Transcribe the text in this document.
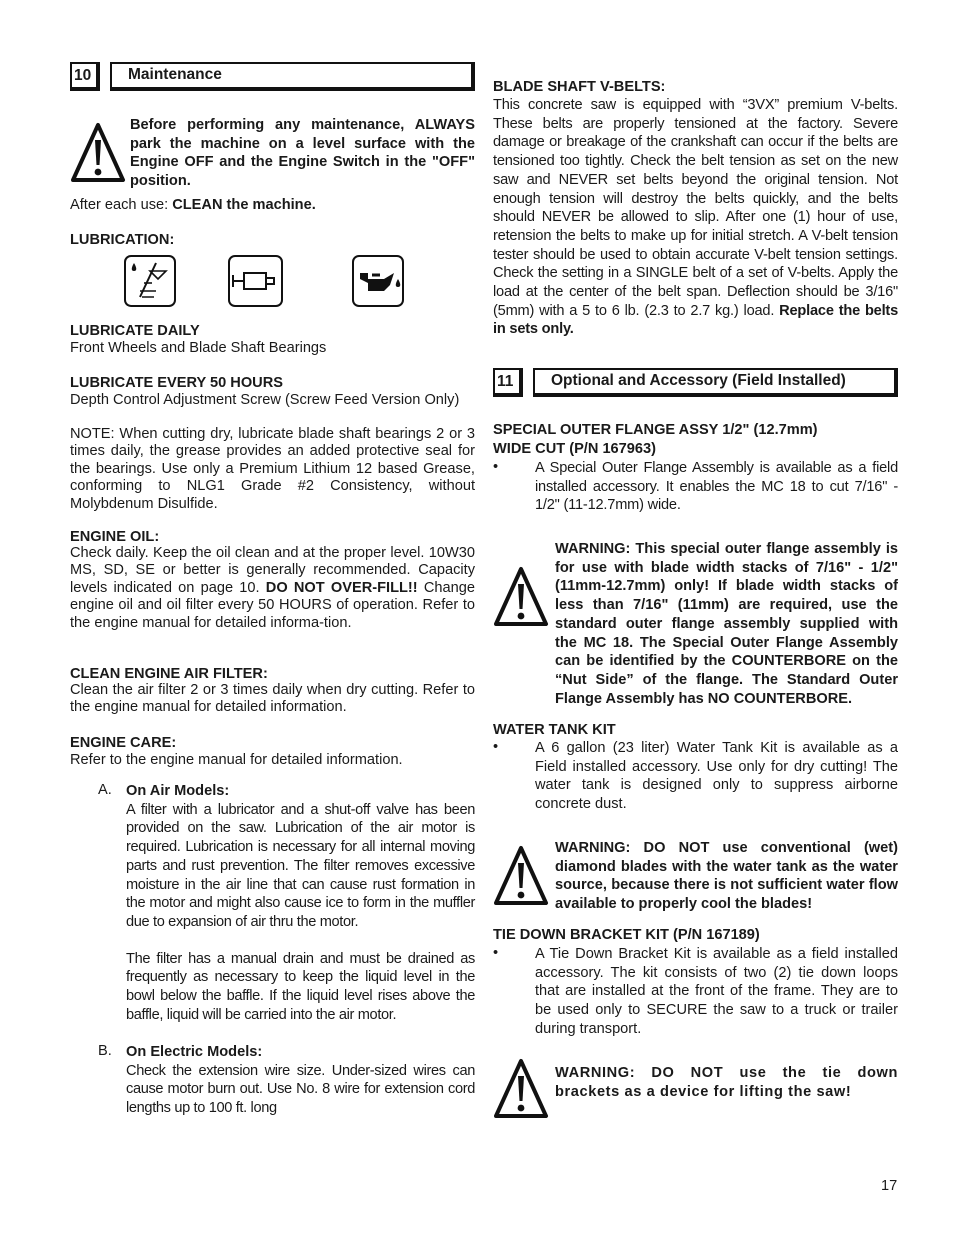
10	Maintenance
Before performing any maintenance, ALWAYS park the machine on a level surface with the Engine OFF and the Engine Switch in the "OFF" position.

After each use: CLEAN the machine.

LUBRICATION:

LUBRICATE DAILY

Front Wheels and Blade Shaft Bearings

LUBRICATE EVERY 50 HOURS

Depth Control Adjustment Screw (Screw Feed Version Only)

NOTE: When cutting dry, lubricate blade shaft bearings 2 or 3 times daily, the grease provides an added protective seal for the bearings. Use only a Premium Lithium 12 based Grease, conforming to NLG1 Grade #2 Consistency, without Molybdenum Disulfide.

ENGINE OIL:

Check daily. Keep the oil clean and at the proper level. 10W30 MS, SD, SE or better is generally recommended. Capacity levels indicated on page 10. DO NOT OVER-FILL!! Change engine oil and oil filter every 50 HOURS of operation. Refer to the engine manual for detailed informa-tion.

CLEAN ENGINE AIR FILTER:

Clean the air filter 2 or 3 times daily when dry cutting. Refer to the engine manual for detailed information.

ENGINE CARE:

Refer to the engine manual for detailed information.

A. On Air Models:

A filter with a lubricator and a shut-off valve has been provided on the saw. Lubrication of the air motor is required. Lubrication is necessary for all internal moving parts and rust prevention. The filter removes excessive moisture in the air line that can cause rust formation in the motor and might also cause ice to form in the muffler due to expansion of air thru the motor.

The filter has a manual drain and must be drained as frequently as necessary to keep the liquid level in the bowl below the baffle. If the liquid level rises above the baffle, liquid will be carried into the air motor.

B. On Electric Models:

Check the extension wire size. Under-sized wires can cause motor burn out. Use No. 8 wire for extension cord lengths up to 100 ft. long

BLADE SHAFT V-BELTS:

This concrete saw is equipped with “3VX” premium V-belts. These belts are properly tensioned at the factory. Severe damage or breakage of the crankshaft can occur if the belts are tensioned too tightly. Check the belt tension as set on the new saw and NEVER set belts beyond the original tension. Not enough tension will destroy the belts quickly, and the belts should NEVER be allowed to slip. After one (1) hour of use, retension the belts to make up for initial stretch. A V-belt tension tester should be used to obtain accurate V-belt tension settings. Check the setting in a SINGLE belt of a set of V-belts. Apply the load at the center of the belt span. Deflection should be 3/16" (5mm) with a 5 to 6 lb. (2.3 to 2.7 kg.) load. Replace the belts in sets only.

11	Optional and Accessory (Field Installed)

SPECIAL OUTER FLANGE ASSY 1/2" (12.7mm)

WIDE CUT (P/N 167963)

•	A Special Outer Flange Assembly is available as a field installed accessory. It enables the MC 18 to cut 7/16" - 1/2" (11-12.7mm) wide.

WARNING: This special outer flange assembly is for use with blade width stacks of 7/16" - 1/2" (11mm-12.7mm) only! If blade width stacks of less than 7/16" (11mm) are required, use the standard outer flange assembly supplied with the MC 18. The Special Outer Flange Assembly can be identified by the COUNTERBORE on the “Nut Side” of the flange. The Standard Outer Flange Assembly has NO COUNTERBORE.

WATER TANK KIT

•	A 6 gallon (23 liter) Water Tank Kit is available as a Field installed accessory. Use only for dry cutting! The water tank is designed only to suppress airborne concrete dust.

WARNING: DO NOT use conventional (wet) diamond blades with the water tank as the water source, because there is not sufficient water flow available to properly cool the blades!

TIE DOWN BRACKET KIT (P/N 167189)

•	A Tie Down Bracket Kit is available as a field installed accessory. The kit consists of two (2) tie down loops that are installed at the front of the frame. They are to be used only to SECURE the saw to a truck or trailer during transport.

WARNING: DO NOT use the tie down brackets as a device for lifting the saw!

17
